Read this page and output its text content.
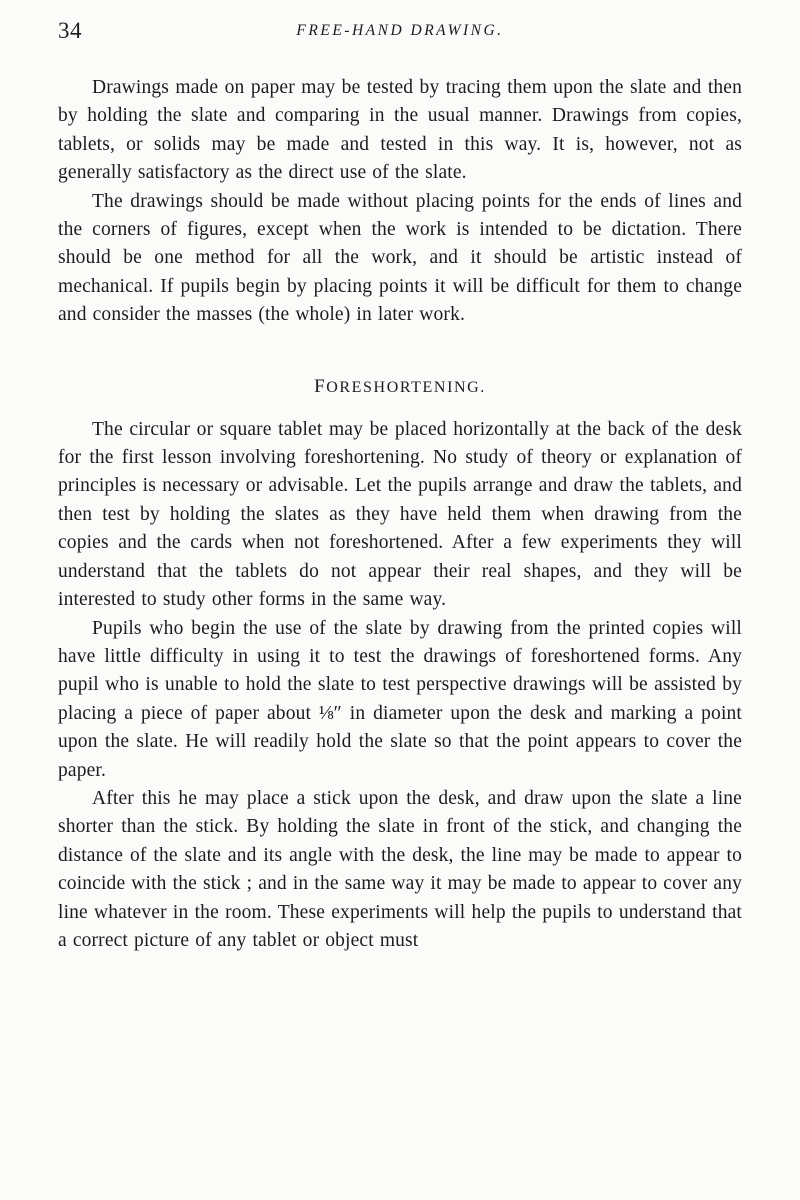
34	FREE-HAND DRAWING.

Drawings made on paper may be tested by tracing them upon the slate and then by holding the slate and comparing in the usual manner. Drawings from copies, tablets, or solids may be made and tested in this way. It is, however, not as generally satisfactory as the direct use of the slate.

The drawings should be made without placing points for the ends of lines and the corners of figures, except when the work is intended to be dictation. There should be one method for all the work, and it should be artistic instead of mechanical. If pupils begin by placing points it will be difficult for them to change and consider the masses (the whole) in later work.

FORESHORTENING.

The circular or square tablet may be placed horizontally at the back of the desk for the first lesson involving foreshortening. No study of theory or explanation of principles is necessary or advisable. Let the pupils arrange and draw the tablets, and then test by holding the slates as they have held them when drawing from the copies and the cards when not foreshortened. After a few experiments they will understand that the tablets do not appear their real shapes, and they will be interested to study other forms in the same way.

Pupils who begin the use of the slate by drawing from the printed copies will have little difficulty in using it to test the drawings of foreshortened forms. Any pupil who is unable to hold the slate to test perspective drawings will be assisted by placing a piece of paper about ⅛″ in diameter upon the desk and marking a point upon the slate. He will readily hold the slate so that the point appears to cover the paper.

After this he may place a stick upon the desk, and draw upon the slate a line shorter than the stick. By holding the slate in front of the stick, and changing the distance of the slate and its angle with the desk, the line may be made to appear to coincide with the stick ; and in the same way it may be made to appear to cover any line whatever in the room. These experiments will help the pupils to understand that a correct picture of any tablet or object must
